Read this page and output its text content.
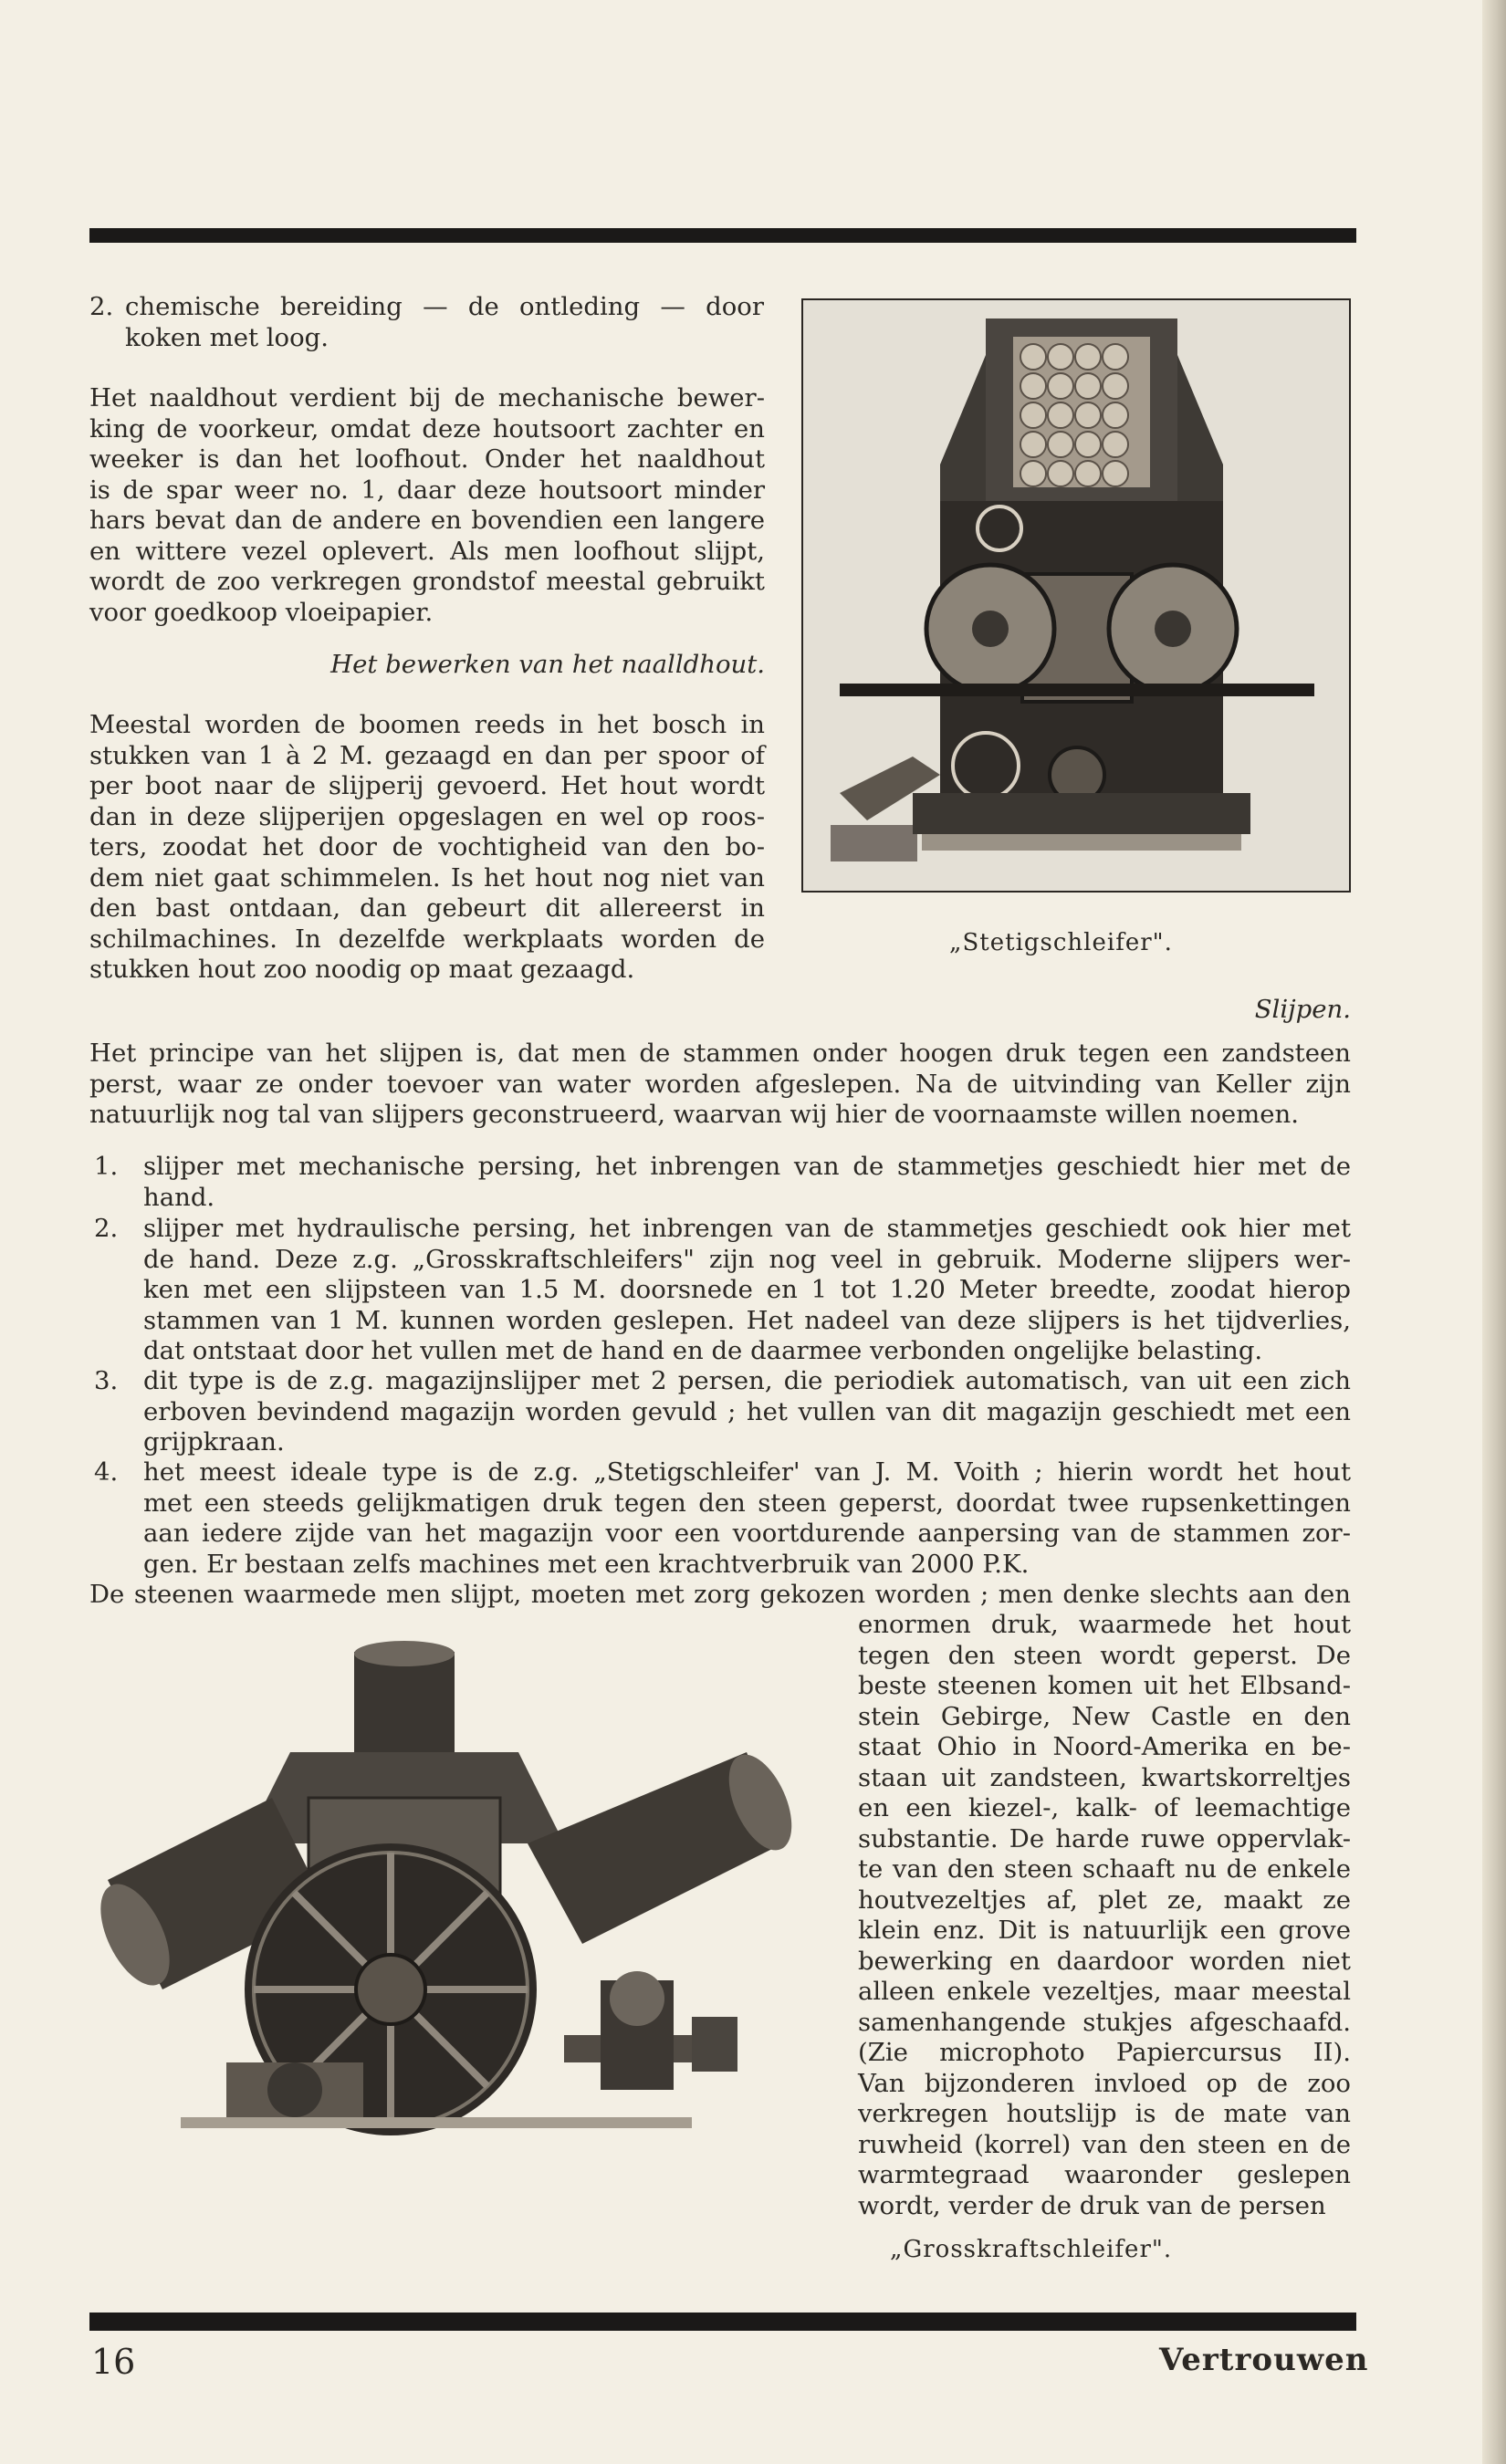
2. chemische bereiding — de ontleding — door
koken met loog.
Het naaldhout verdient bij de mechanische bewer-
king de voorkeur, omdat deze houtsoort zachter en
weeker is dan het loofhout. Onder het naaldhout
is de spar weer no. 1, daar deze houtsoort minder
hars bevat dan de andere en bovendien een langere
en wittere vezel oplevert. Als men loofhout slijpt,
wordt de zoo verkregen grondstof meestal gebruikt
voor goedkoop vloeipapier.
Het bewerken van het naalldhout.
Meestal worden de boomen reeds in het bosch in
stukken van 1 à 2 M. gezaagd en dan per spoor of
per boot naar de slijperij gevoerd. Het hout wordt
dan in deze slijperijen opgeslagen en wel op roos-
ters, zoodat het door de vochtigheid van den bo-
dem niet gaat schimmelen. Is het hout nog niet van
den bast ontdaan, dan gebeurt dit allereerst in
schilmachines. In dezelfde werkplaats worden de
stukken hout zoo noodig op maat gezaagd.
„Stetigschleifer".
Slijpen.
Het principe van het slijpen is, dat men de stammen onder hoogen druk tegen een zandsteen
perst, waar ze onder toevoer van water worden afgeslepen. Na de uitvinding van Keller zijn
natuurlijk nog tal van slijpers geconstrueerd, waarvan wij hier de voornaamste willen noemen.
1. slijper met mechanische persing, het inbrengen van de stammetjes geschiedt hier met de
hand.
2. slijper met hydraulische persing, het inbrengen van de stammetjes geschiedt ook hier met
de hand. Deze z.g. „Grosskraftschleifers" zijn nog veel in gebruik. Moderne slijpers wer-
ken met een slijpsteen van 1.5 M. doorsnede en 1 tot 1.20 Meter breedte, zoodat hierop
stammen van 1 M. kunnen worden geslepen. Het nadeel van deze slijpers is het tijdverlies,
dat ontstaat door het vullen met de hand en de daarmee verbonden ongelijke belasting.
3. dit type is de z.g. magazijnslijper met 2 persen, die periodiek automatisch, van uit een zich
erboven bevindend magazijn worden gevuld ; het vullen van dit magazijn geschiedt met een
grijpkraan.
4. het meest ideale type is de z.g. „Stetigschleifer' van J. M. Voith ; hierin wordt het hout
met een steeds gelijkmatigen druk tegen den steen geperst, doordat twee rupsenkettingen
aan iedere zijde van het magazijn voor een voortdurende aanpersing van de stammen zor-
gen. Er bestaan zelfs machines met een krachtverbruik van 2000 P.K.
De steenen waarmede men slijpt, moeten met zorg gekozen worden ; men denke slechts aan den
enormen druk, waarmede het hout
tegen den steen wordt geperst. De
beste steenen komen uit het Elbsand-
stein Gebirge, New Castle en den
staat Ohio in Noord-Amerika en be-
staan uit zandsteen, kwartskorreltjes
en een kiezel-, kalk- of leemachtige
substantie. De harde ruwe oppervlak-
te van den steen schaaft nu de enkele
houtvezeltjes af, plet ze, maakt ze
klein enz. Dit is natuurlijk een grove
bewerking en daardoor worden niet
alleen enkele vezeltjes, maar meestal
samenhangende stukjes afgeschaafd.
(Zie microphoto Papiercursus II).
Van bijzonderen invloed op de zoo
verkregen houtslijp is de mate van
ruwheid (korrel) van den steen en de
warmtegraad waaronder geslepen
wordt, verder de druk van de persen
„Grosskraftschleifer".
16	Vertrouwen
